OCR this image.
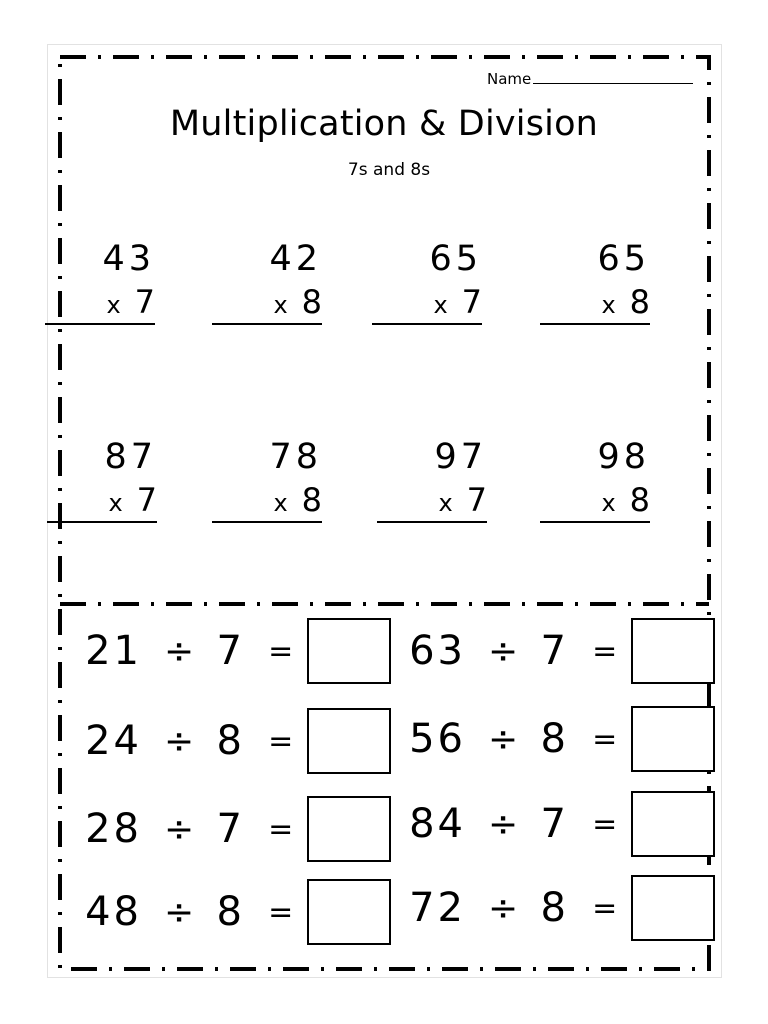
Name
Multiplication & Division
7s and 8s
43
x 7
42
x 8
65
x 7
65
x 8
87
x 7
78
x 8
97
x 7
98
x 8
21 ÷ 7 =	63 ÷ 7 =
24 ÷ 8 =	56 ÷ 8 =
28 ÷ 7 =	84 ÷ 7 =
48 ÷ 8 =	72 ÷ 8 =
